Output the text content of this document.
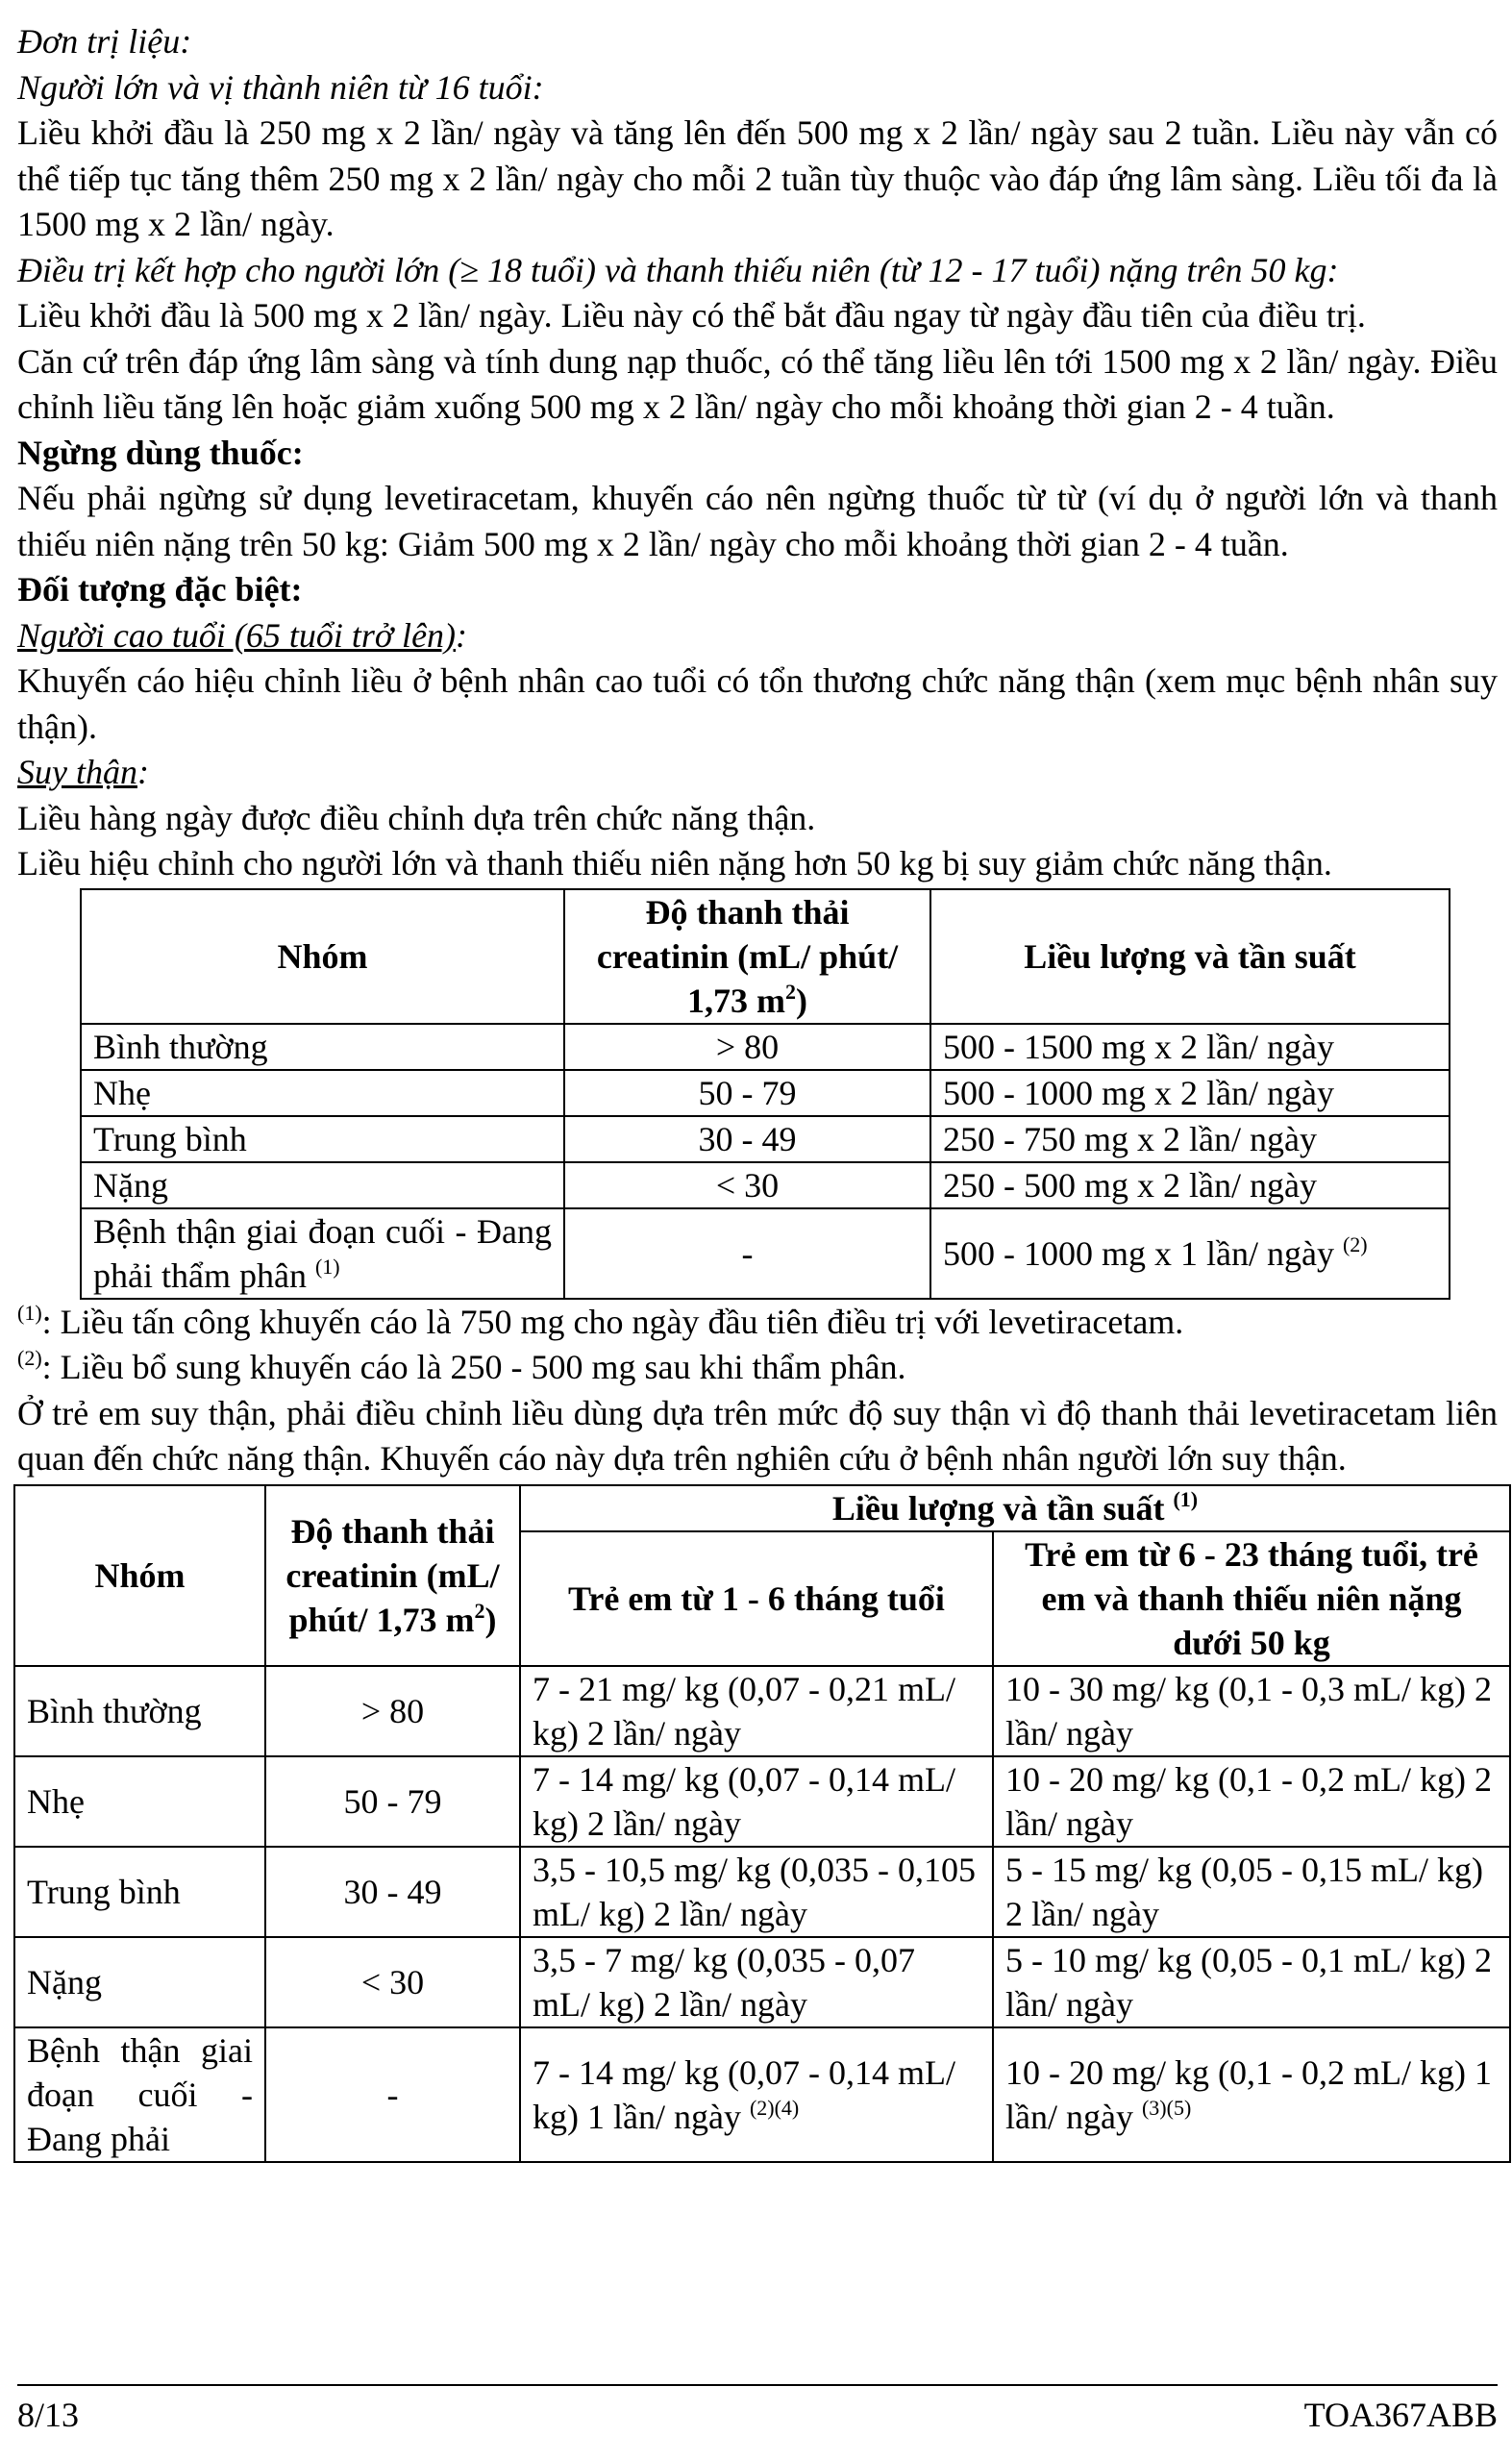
Đơn trị liệu:

Người lớn và vị thành niên từ 16 tuổi:

Liều khởi đầu là 250 mg x 2 lần/ ngày và tăng lên đến 500 mg x 2 lần/ ngày sau 2 tuần. Liều này vẫn có thể tiếp tục tăng thêm 250 mg x 2 lần/ ngày cho mỗi 2 tuần tùy thuộc vào đáp ứng lâm sàng. Liều tối đa là 1500 mg x 2 lần/ ngày.

Điều trị kết hợp cho người lớn (≥ 18 tuổi) và thanh thiếu niên (từ 12 - 17 tuổi) nặng trên 50 kg:

Liều khởi đầu là 500 mg x 2 lần/ ngày. Liều này có thể bắt đầu ngay từ ngày đầu tiên của điều trị.

Căn cứ trên đáp ứng lâm sàng và tính dung nạp thuốc, có thể tăng liều lên tới 1500 mg x 2 lần/ ngày. Điều chỉnh liều tăng lên hoặc giảm xuống 500 mg x 2 lần/ ngày cho mỗi khoảng thời gian 2 - 4 tuần.

Ngừng dùng thuốc:

Nếu phải ngừng sử dụng levetiracetam, khuyến cáo nên ngừng thuốc từ từ (ví dụ ở người lớn và thanh thiếu niên nặng trên 50 kg: Giảm 500 mg x 2 lần/ ngày cho mỗi khoảng thời gian 2 - 4 tuần.

Đối tượng đặc biệt:

Người cao tuổi (65 tuổi trở lên):

Khuyến cáo hiệu chỉnh liều ở bệnh nhân cao tuổi có tổn thương chức năng thận (xem mục bệnh nhân suy thận).

Suy thận:

Liều hàng ngày được điều chỉnh dựa trên chức năng thận.

Liều hiệu chỉnh cho người lớn và thanh thiếu niên nặng hơn 50 kg bị suy giảm chức năng thận.

Nhóm	Độ thanh thải creatinin (mL/ phút/ 1,73 m$^2$)	Liều lượng và tần suất
Bình thường	> 80	500 - 1500 mg x 2 lần/ ngày
Nhẹ	50 - 79	500 - 1000 mg x 2 lần/ ngày
Trung bình	30 - 49	250 - 750 mg x 2 lần/ ngày
Nặng	< 30	250 - 500 mg x 2 lần/ ngày
Bệnh thận giai đoạn cuối - Đang phải thẩm phân $^{(1)}$	-	500 - 1000 mg x 1 lần/ ngày $^{(2)}$

$^{(1)}$: Liều tấn công khuyến cáo là 750 mg cho ngày đầu tiên điều trị với levetiracetam.

$^{(2)}$: Liều bổ sung khuyến cáo là 250 - 500 mg sau khi thẩm phân.

Ở trẻ em suy thận, phải điều chỉnh liều dùng dựa trên mức độ suy thận vì độ thanh thải levetiracetam liên quan đến chức năng thận. Khuyến cáo này dựa trên nghiên cứu ở bệnh nhân người lớn suy thận.

Nhóm	Độ thanh thải creatinin (mL/ phút/ 1,73 m$^2$)	Liều lượng và tần suất $^{(1)}$
		Trẻ em từ 1 - 6 tháng tuổi	Trẻ em từ 6 - 23 tháng tuổi, trẻ em và thanh thiếu niên nặng dưới 50 kg
Bình thường	> 80	7 - 21 mg/ kg (0,07 - 0,21 mL/ kg) 2 lần/ ngày	10 - 30 mg/ kg (0,1 - 0,3 mL/ kg) 2 lần/ ngày
Nhẹ	50 - 79	7 - 14 mg/ kg (0,07 - 0,14 mL/ kg) 2 lần/ ngày	10 - 20 mg/ kg (0,1 - 0,2 mL/ kg) 2 lần/ ngày
Trung bình	30 - 49	3,5 - 10,5 mg/ kg (0,035 - 0,105 mL/ kg) 2 lần/ ngày	5 - 15 mg/ kg (0,05 - 0,15 mL/ kg) 2 lần/ ngày
Nặng	< 30	3,5 - 7 mg/ kg (0,035 - 0,07 mL/ kg) 2 lần/ ngày	5 - 10 mg/ kg (0,05 - 0,1 mL/ kg) 2 lần/ ngày
Bệnh thận giai đoạn cuối - Đang phải	-	7 - 14 mg/ kg (0,07 - 0,14 mL/ kg) 1 lần/ ngày $^{(2)(4)}$	10 - 20 mg/ kg (0,1 - 0,2 mL/ kg) 1 lần/ ngày $^{(3)(5)}$
8/13	TOA367ABB
